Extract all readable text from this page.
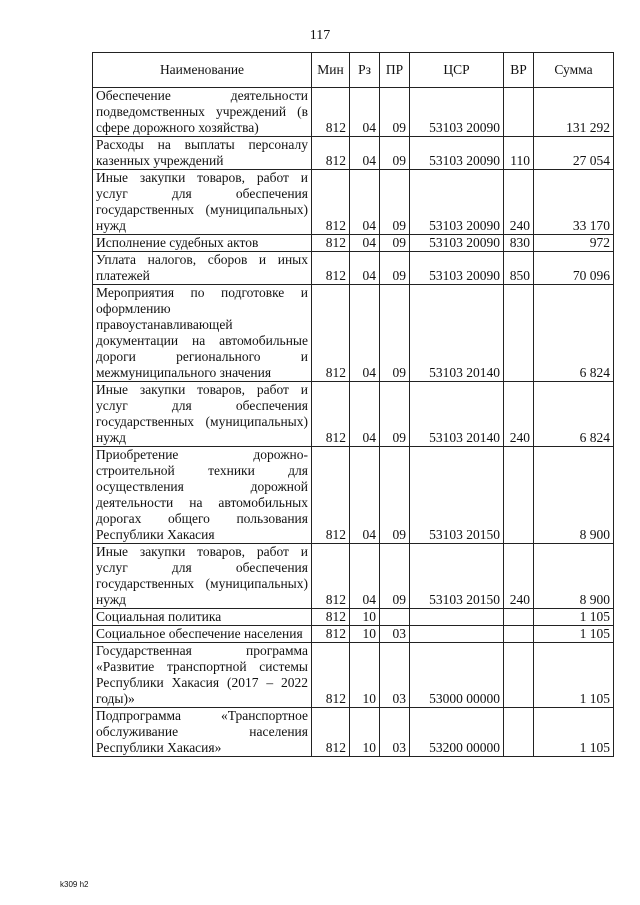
117
Наименование	Мин	Рз	ПР	ЦСР	ВР	Сумма
Обеспечение деятельности подведомственных учреждений (в сфере дорожного хозяйства)	812	04	09	53103 20090		131 292
Расходы на выплаты персоналу казенных учреждений	812	04	09	53103 20090	110	27 054
Иные закупки товаров, работ и услуг для обеспечения государственных (муниципальных) нужд	812	04	09	53103 20090	240	33 170
Исполнение судебных актов	812	04	09	53103 20090	830	972
Уплата налогов, сборов и иных платежей	812	04	09	53103 20090	850	70 096
Мероприятия по подготовке и оформлению правоустанавливающей документации на автомобильные дороги регионального и межмуниципального значения	812	04	09	53103 20140		6 824
Иные закупки товаров, работ и услуг для обеспечения государственных (муниципальных) нужд	812	04	09	53103 20140	240	6 824
Приобретение дорожно-строительной техники для осуществления дорожной деятельности на автомобильных дорогах общего пользования Республики Хакасия	812	04	09	53103 20150		8 900
Иные закупки товаров, работ и услуг для обеспечения государственных (муниципальных) нужд	812	04	09	53103 20150	240	8 900
Социальная политика	812	10				1 105
Социальное обеспечение населения	812	10	03			1 105
Государственная программа «Развитие транспортной системы Республики Хакасия (2017 – 2022 годы)»	812	10	03	53000 00000		1 105
Подпрограмма «Транспортное обслуживание населения Республики Хакасия»	812	10	03	53200 00000		1 105
k309 h2
